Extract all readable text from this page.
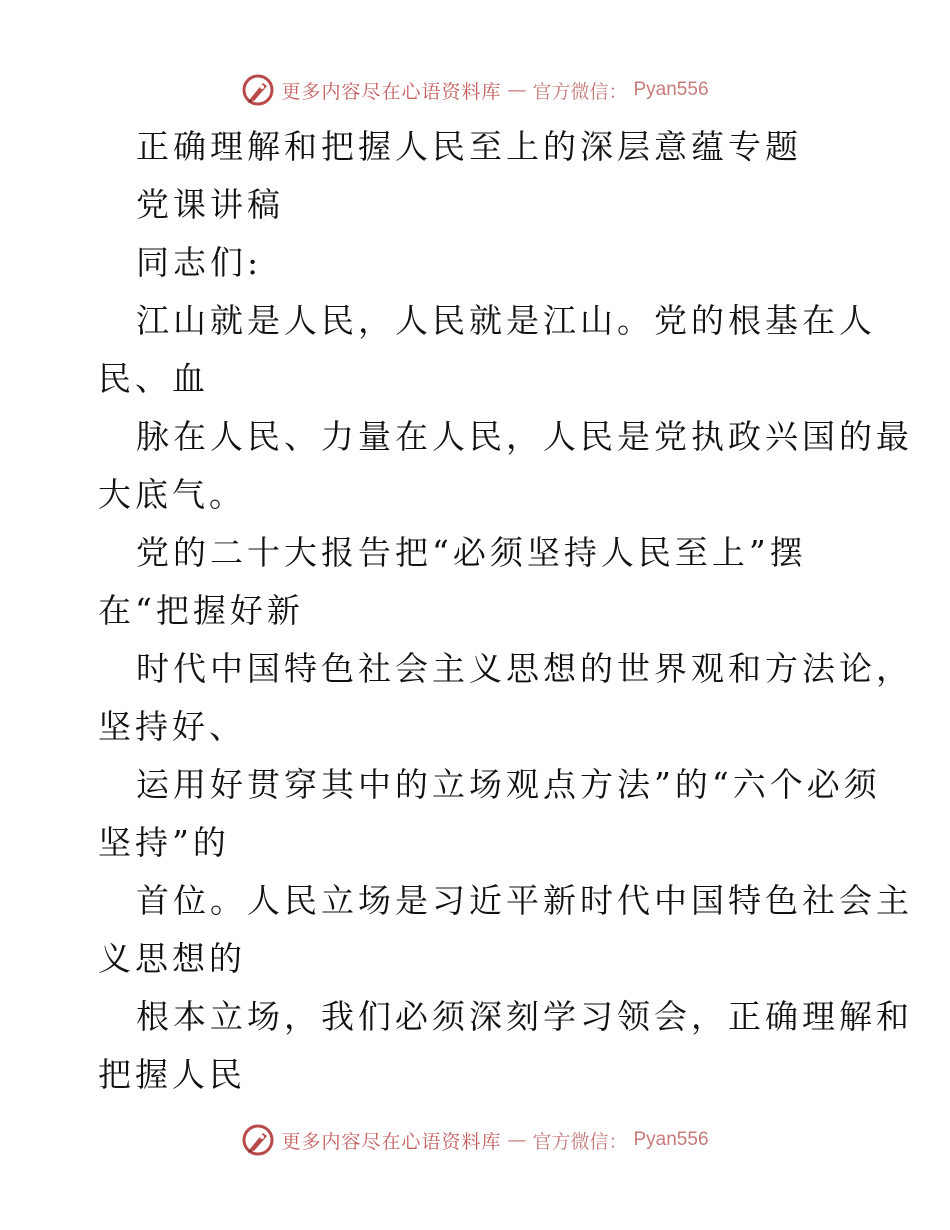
更多内容尽在心语资料库 — 官方微信： Pyan556
正确理解和把握人民至上的深层意蕴专题
党课讲稿
同志们:
江山就是人民，人民就是江山。党的根基在人
民、血
脉在人民、力量在人民，人民是党执政兴国的最
大底气。
党的二十大报告把“必须坚持人民至上”摆
在“把握好新
时代中国特色社会主义思想的世界观和方法论，
坚持好、
运用好贯穿其中的立场观点方法”的“六个必须
坚持”的
首位。人民立场是习近平新时代中国特色社会主
义思想的
根本立场，我们必须深刻学习领会，正确理解和
把握人民
更多内容尽在心语资料库 — 官方微信： Pyan556
